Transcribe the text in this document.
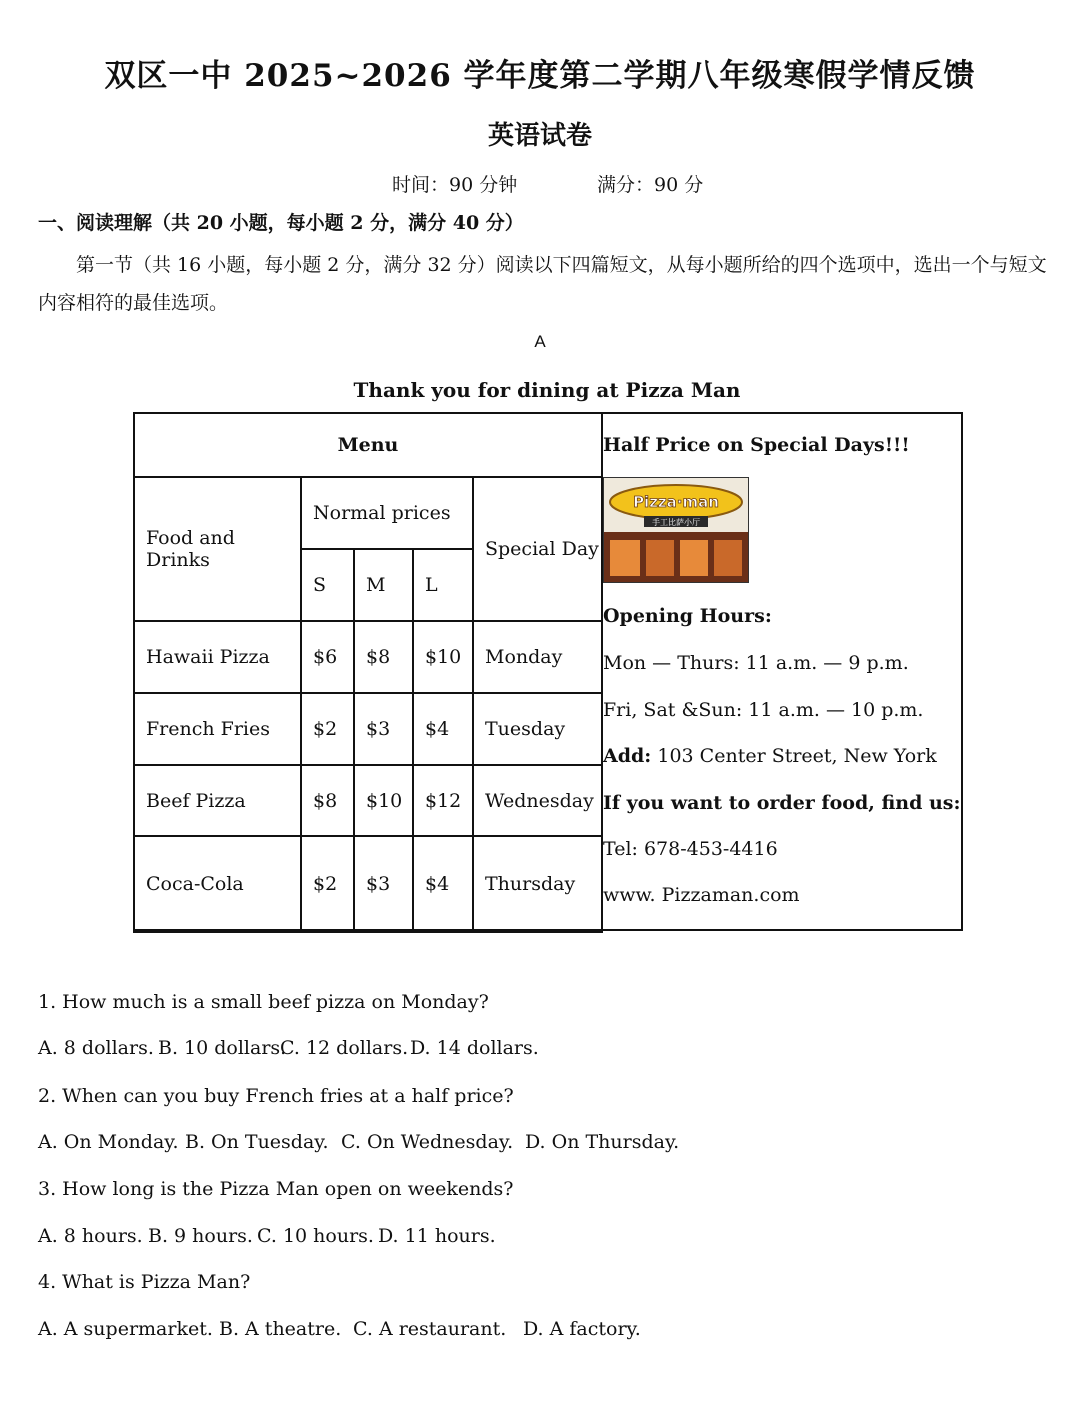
双区一中 2025~2026 学年度第二学期八年级寒假学情反馈
英语试卷
时间：90 分钟	满分：90 分
一、阅读理解（共 20 小题，每小题 2 分，满分 40 分）
第一节（共 16 小题，每小题 2 分，满分 32 分）阅读以下四篇短文，从每小题所给的四个选项中，选出一个与短文内容相符的最佳选项。
A
Thank you for dining at Pizza Man
Menu				
Food and Drinks	Normal prices			Special Day
	S	M	L	
Hawaii Pizza	$6	$8	$10	Monday
French Fries	$2	$3	$4	Tuesday
Beef Pizza	$8	$10	$12	Wednesday
Coca-Cola	$2	$3	$4	Thursday
Half Price on Special Days!!!
Pizza·man
手工比萨小厅
Opening Hours:
Mon — Thurs: 11 a.m. — 9 p.m.
Fri, Sat &Sun: 11 a.m. — 10 p.m.
Add: 103 Center Street, New York
If you want to order food, find us:
Tel: 678-453-4416
www. Pizzaman.com
1. How much is a small beef pizza on Monday?
A. 8 dollars. B. 10 dollars.
C. 12 dollars. D. 14 dollars.
2. When can you buy French fries at a half price?
A. On Monday. B. On Tuesday. C. On Wednesday. D. On Thursday.
3. How long is the Pizza Man open on weekends?
A. 8 hours. B. 9 hours. C. 10 hours. D. 11 hours.
4. What is Pizza Man?
A. A supermarket. B. A theatre. C. A restaurant. D. A factory.
